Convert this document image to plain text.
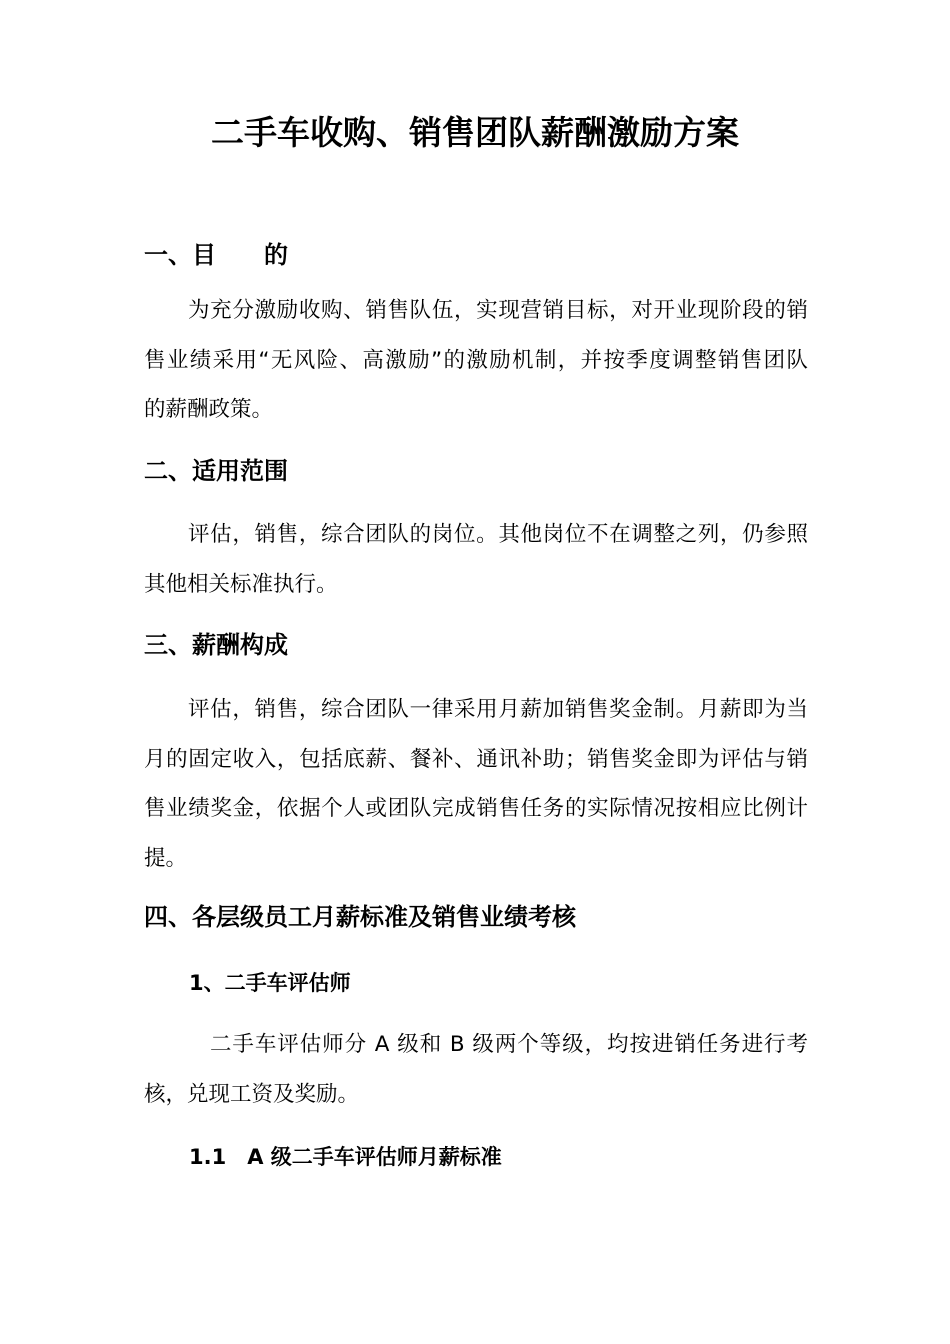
二手车收购、销售团队薪酬激励方案
一、目 的
为充分激励收购、销售队伍，实现营销目标，对开业现阶段的销
售业绩采用“无风险、高激励”的激励机制，并按季度调整销售团队
的薪酬政策。
二、适用范围
评估，销售，综合团队的岗位。其他岗位不在调整之列，仍参照
其他相关标准执行。
三、薪酬构成
评估，销售，综合团队一律采用月薪加销售奖金制。月薪即为当
月的固定收入，包括底薪、餐补、通讯补助；销售奖金即为评估与销
售业绩奖金，依据个人或团队完成销售任务的实际情况按相应比例计
提。
四、各层级员工月薪标准及销售业绩考核
1、二手车评估师
二手车评估师分 A 级和 B 级两个等级，均按进销任务进行考
核，兑现工资及奖励。
1.1　A 级二手车评估师月薪标准
